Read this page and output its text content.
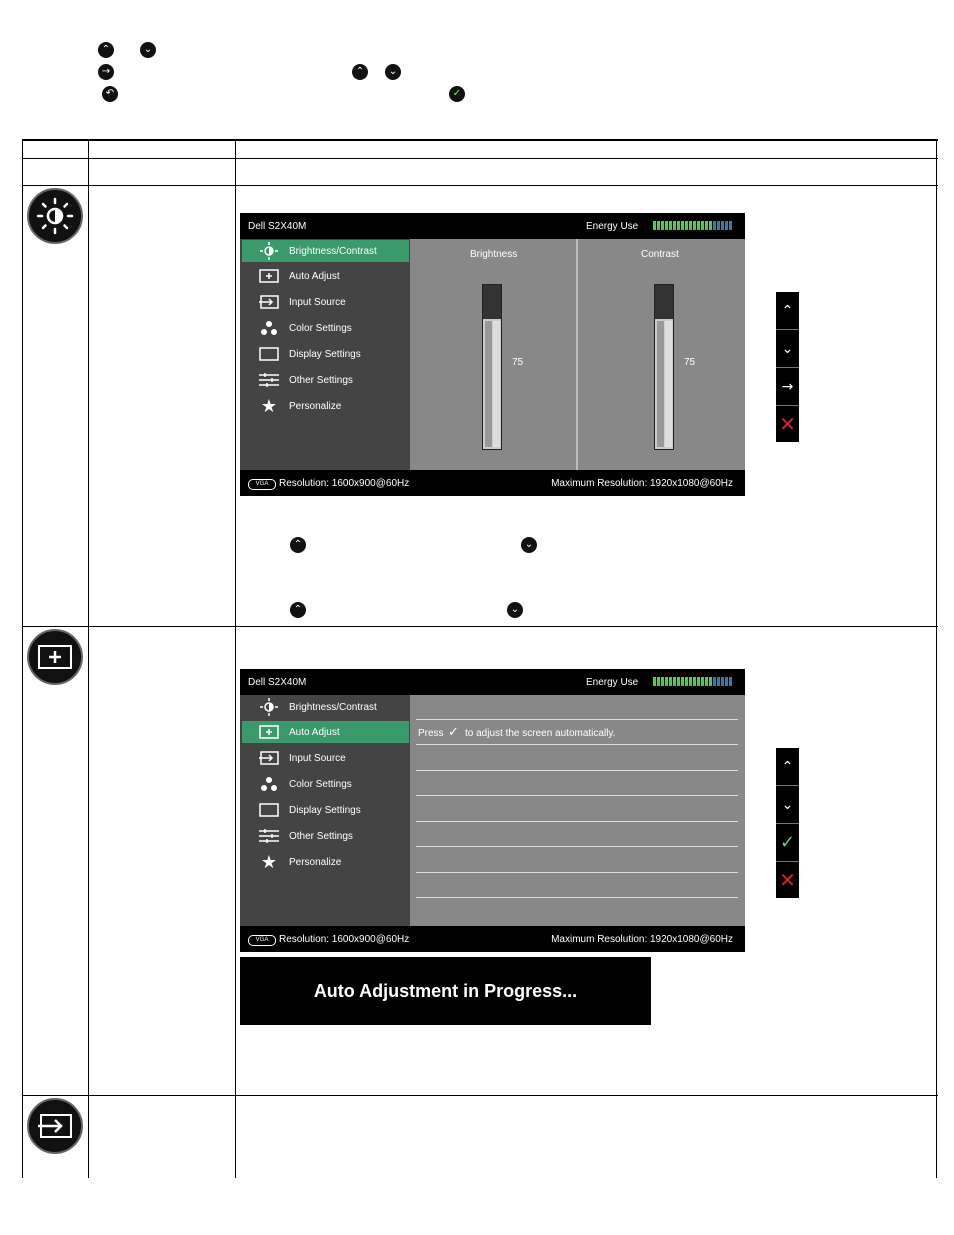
⌃	⌄
→	⌃	⌄
↶	✓
Dell S2X40M	Energy Use
Brightness/Contrast
Auto Adjust
Input Source
Color Settings
Display Settings
Other Settings
★ Personalize
Brightness	Contrast
75	75
VGA	Resolution: 1600x900@60Hz	Maximum Resolution: 1920x1080@60Hz
⌃
⌄
→
✕
⌃	⌄
⌃	⌄
Dell S2X40M	Energy Use
Brightness/Contrast
Auto Adjust
Input Source
Color Settings
Display Settings
Other Settings
★ Personalize
Press ✓ to adjust the screen automatically.
VGA	Resolution: 1600x900@60Hz	Maximum Resolution: 1920x1080@60Hz
⌃
⌄
✓
✕
Auto Adjustment in Progress...
